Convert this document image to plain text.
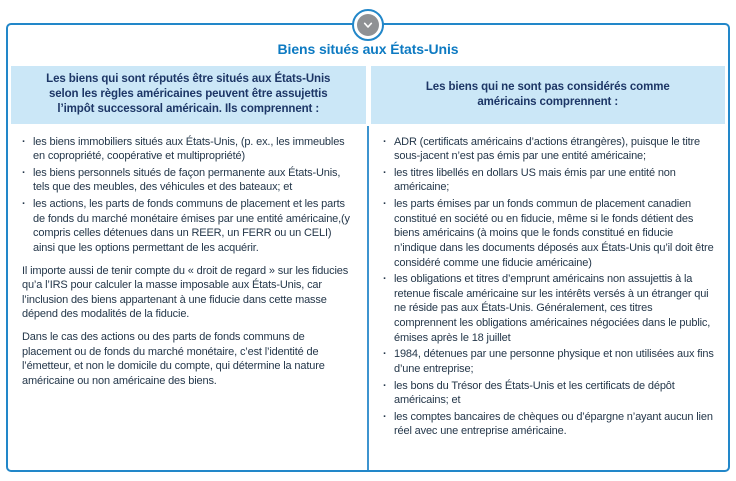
Biens situés aux États-Unis
Les biens qui sont réputés être situés aux États-Unis selon les règles américaines peuvent être assujettis l’impôt successoral américain. Ils comprennent :
Les biens qui ne sont pas considérés comme américains comprennent :
· les biens immobiliers situés aux États-Unis, (p. ex., les immeubles en copropriété, coopérative et multipropriété)
· les biens personnels situés de façon permanente aux États-Unis, tels que des meubles, des véhicules et des bateaux; et
· les actions, les parts de fonds communs de placement et les parts de fonds du marché monétaire émises par une entité américaine,(y compris celles détenues dans un REER, un FERR ou un CELI) ainsi que les options permettant de les acquérir.

Il importe aussi de tenir compte du « droit de regard » sur les fiducies qu’a l’IRS pour calculer la masse imposable aux États-Unis, car l’inclusion des biens appartenant à une fiducie dans cette masse dépend des modalités de la fiducie.

Dans le cas des actions ou des parts de fonds communs de placement ou de fonds du marché monétaire, c’est l’identité de l’émetteur, et non le domicile du compte, qui détermine la nature américaine ou non américaine des biens.

· ADR (certificats américains d’actions étrangères), puisque le titre sous-jacent n’est pas émis par une entité américaine;
· les titres libellés en dollars US mais émis par une entité non américaine;
· les parts émises par un fonds commun de placement canadien constitué en société ou en fiducie, même si le fonds détient des biens américains (à moins que le fonds constitué en fiducie n’indique dans les documents déposés aux États-Unis qu’il doit être considéré comme une fiducie américaine)
· les obligations et titres d’emprunt américains non assujettis à la retenue fiscale américaine sur les intérêts versés à un étranger qui ne réside pas aux États-Unis. Généralement, ces titres comprennent les obligations américaines négociées dans le public, émises après le 18 juillet
· 1984, détenues par une personne physique et non utilisées aux fins d’une entreprise;
· les bons du Trésor des États-Unis et les certificats de dépôt américains; et
· les comptes bancaires de chèques ou d’épargne n’ayant aucun lien réel avec une entreprise américaine.
